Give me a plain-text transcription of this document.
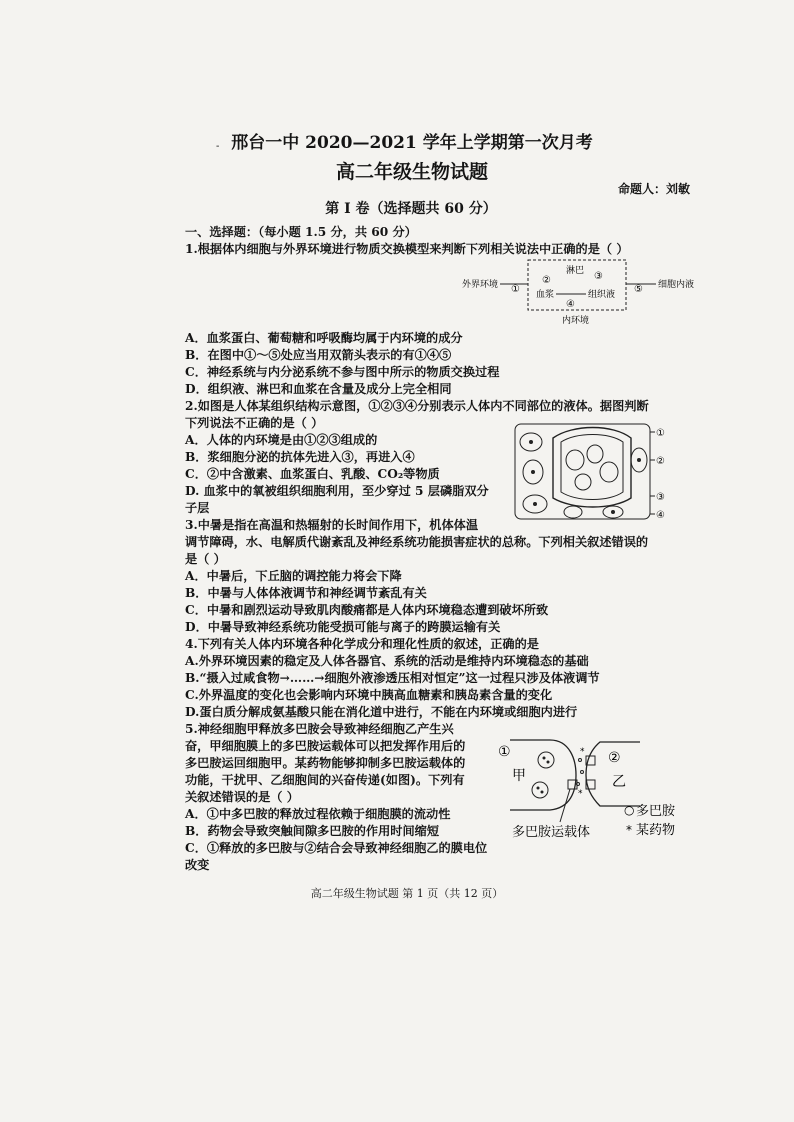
- 邢台一中 2020—2021 学年上学期第一次月考
高二年级生物试题
命题人：刘敏
第 I 卷（选择题共 60 分）
一、选择题：（每小题 1.5 分，共 60 分）
1.根据体内细胞与外界环境进行物质交换模型来判断下列相关说法中正确的是（ ）
外界环境 ①
淋巴
②	③
血浆	组织液
④
⑤ 细胞内液
内环境
A．血浆蛋白、葡萄糖和呼吸酶均属于内环境的成分
B．在图中①～⑤处应当用双箭头表示的有①④⑤
C．神经系统与内分泌系统不参与图中所示的物质交换过程
D．组织液、淋巴和血浆在含量及成分上完全相同
2.如图是人体某组织结构示意图，①②③④分别表示人体内不同部位的液体。据图判断
下列说法不正确的是（ ）
①
②
③
④
A．人体的内环境是由①②③组成的
B．浆细胞分泌的抗体先进入③，再进入④
C．②中含激素、血浆蛋白、乳酸、CO₂等物质
D. 血浆中的氧被组织细胞利用，至少穿过 5 层磷脂双分
子层
3.中暑是指在高温和热辐射的长时间作用下，机体体温
调节障碍，水、电解质代谢紊乱及神经系统功能损害症状的总称。下列相关叙述错误的
是（ ）
A．中暑后，下丘脑的调控能力将会下降
B．中暑与人体体液调节和神经调节紊乱有关
C．中暑和剧烈运动导致肌肉酸痛都是人体内环境稳态遭到破坏所致
D．中暑导致神经系统功能受损可能与离子的跨膜运输有关
4.下列有关人体内环境各种化学成分和理化性质的叙述，正确的是
A.外界环境因素的稳定及人体各器官、系统的活动是维持内环境稳态的基础
B.“摄入过咸食物→……→细胞外液渗透压相对恒定”这一过程只涉及体液调节
C.外界温度的变化也会影响内环境中胰高血糖素和胰岛素含量的变化
D.蛋白质分解成氨基酸只能在消化道中进行，不能在内环境或细胞内进行
5.神经细胞甲释放多巴胺会导致神经细胞乙产生兴
奋，甲细胞膜上的多巴胺运载体可以把发挥作用后的
多巴胺运回细胞甲。某药物能够抑制多巴胺运载体的
功能，干扰甲、乙细胞间的兴奋传递(如图)。下列有
关叙述错误的是（ ）
A．①中多巴胺的释放过程依赖于细胞膜的流动性
B．药物会导致突触间隙多巴胺的作用时间缩短
C．①释放的多巴胺与②结合会导致神经细胞乙的膜电位
改变
*
*
①
甲
②
乙
多巴胺运载体
○ 多巴胺
* 某药物
高二年级生物试题 第 1 页（共 12 页）
